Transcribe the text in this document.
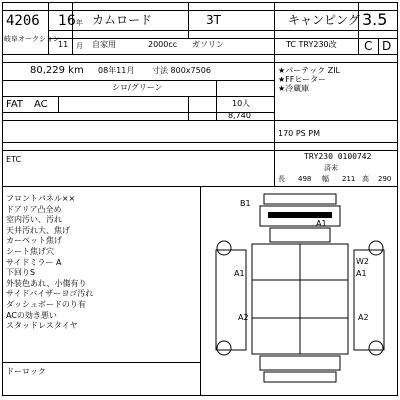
4206
岐阜オークション
16 年 カムロード	3T	キャンピング 3.5
11 月 自家用	2000cc ガソリン	TC TRY230改 C D
80,229 km 08年11月 寸法 800x7506
FAT AC
シロ/グリーン
10人
8,740
★パーテック ZIL
★FFヒーター
★冷蔵庫
170 PS PM
ETC	TRY230 0100742
済未
長 498 幅 211 高 290
フロントパネル××
ドアリア凸全め
室内汚い、汚れ
天井汚れ大、焦げ
カーペット焦げ
シート焦げ穴
サイドミラー A
下回りS
外装色あれ、小傷有り
サイドバイザーヨゴ汚れ
ダッシュボードのり有
ACの効き悪い
スタッドレスタイヤ
ドーロック
B1
A1
A1
W2
A1
A2	A2
